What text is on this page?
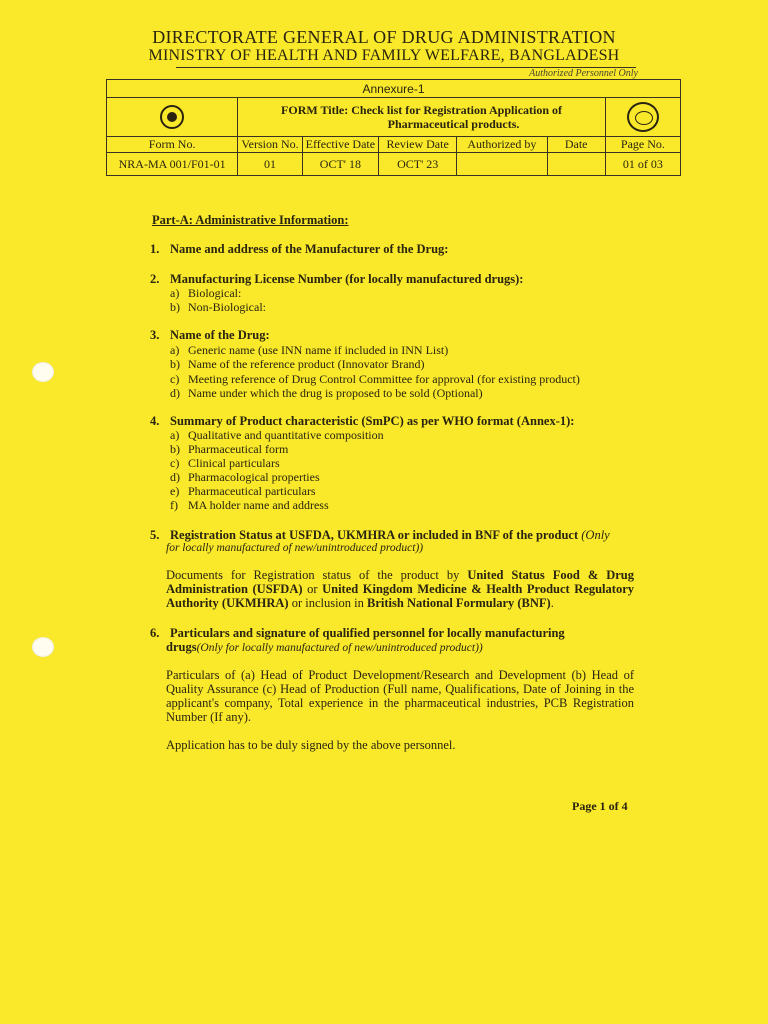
DIRECTORATE GENERAL OF DRUG ADMINISTRATION
MINISTRY OF HEALTH AND FAMILY WELFARE, BANGLADESH
Authorized Personnel Only
Annexure-1						

	FORM Title: Check list for Registration Application of
Pharmaceutical products.					

Form No.	Version No.	Effective Date	Review Date	Authorized by	Date	Page No.
NRA-MA 001/F01-01	01	OCT' 18	OCT' 23			01 of 03
Part-A: Administrative Information:
1. Name and address of the Manufacturer of the Drug:
2. Manufacturing License Number (for locally manufactured drugs):
a) Biological:
b) Non-Biological:
3. Name of the Drug:
a) Generic name (use INN name if included in INN List)
b) Name of the reference product (Innovator Brand)
c) Meeting reference of Drug Control Committee for approval (for existing product)
d) Name under which the drug is proposed to be sold (Optional)
4. Summary of Product characteristic (SmPC) as per WHO format (Annex-1):
a) Qualitative and quantitative composition
b) Pharmaceutical form
c) Clinical particulars
d) Pharmacological properties
e) Pharmaceutical particulars
f) MA holder name and address
5. Registration Status at USFDA, UKMHRA or included in BNF of the product (Only
for locally manufactured of new/unintroduced product))
Documents for Registration status of the product by United Status Food & Drug Administration (USFDA) or United Kingdom Medicine & Health Product Regulatory Authority (UKMHRA) or inclusion in British National Formulary (BNF).
6. Particulars and signature of qualified personnel for locally manufacturing
drugs(Only for locally manufactured of new/unintroduced product))
Particulars of (a) Head of Product Development/Research and Development (b) Head of Quality Assurance (c) Head of Production (Full name, Qualifications, Date of Joining in the applicant's company, Total experience in the pharmaceutical industries, PCB Registration Number (If any).
Application has to be duly signed by the above personnel.
Page 1 of 4
